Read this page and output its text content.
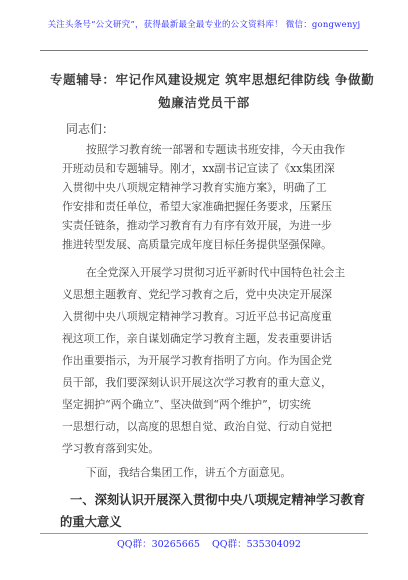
关注头条号“公文研究”，获得最新最全最专业的公文资料库！ 微信：gongwenyj
专题辅导：牢记作风建设规定 筑牢思想纪律防线 争做勤
勉廉洁党员干部
同志们：
按照学习教育统一部署和专题读书班安排，今天由我作
开班动员和专题辅导。刚才，xx副书记宣读了《xx集团深
入贯彻中央八项规定精神学习教育实施方案》，明确了工
作安排和责任单位，希望大家准确把握任务要求，压紧压
实责任链条，推动学习教育有力有序有效开展，为进一步
推进转型发展、高质量完成年度目标任务提供坚强保障。
在全党深入开展学习贯彻习近平新时代中国特色社会主
义思想主题教育、党纪学习教育之后，党中央决定开展深
入贯彻中央八项规定精神学习教育。习近平总书记高度重
视这项工作，亲自谋划确定学习教育主题，发表重要讲话
作出重要指示，为开展学习教育指明了方向。作为国企党
员干部，我们要深刻认识开展这次学习教育的重大意义，
坚定拥护“两个确立”、坚决做到“两个维护”，切实统
一思想行动，以高度的思想自觉、政治自觉、行动自觉把
学习教育落到实处。
下面，我结合集团工作，讲五个方面意见。
一、深刻认识开展深入贯彻中央八项规定精神学习教育
的重大意义
QQ群：30265665 QQ群：535304092
